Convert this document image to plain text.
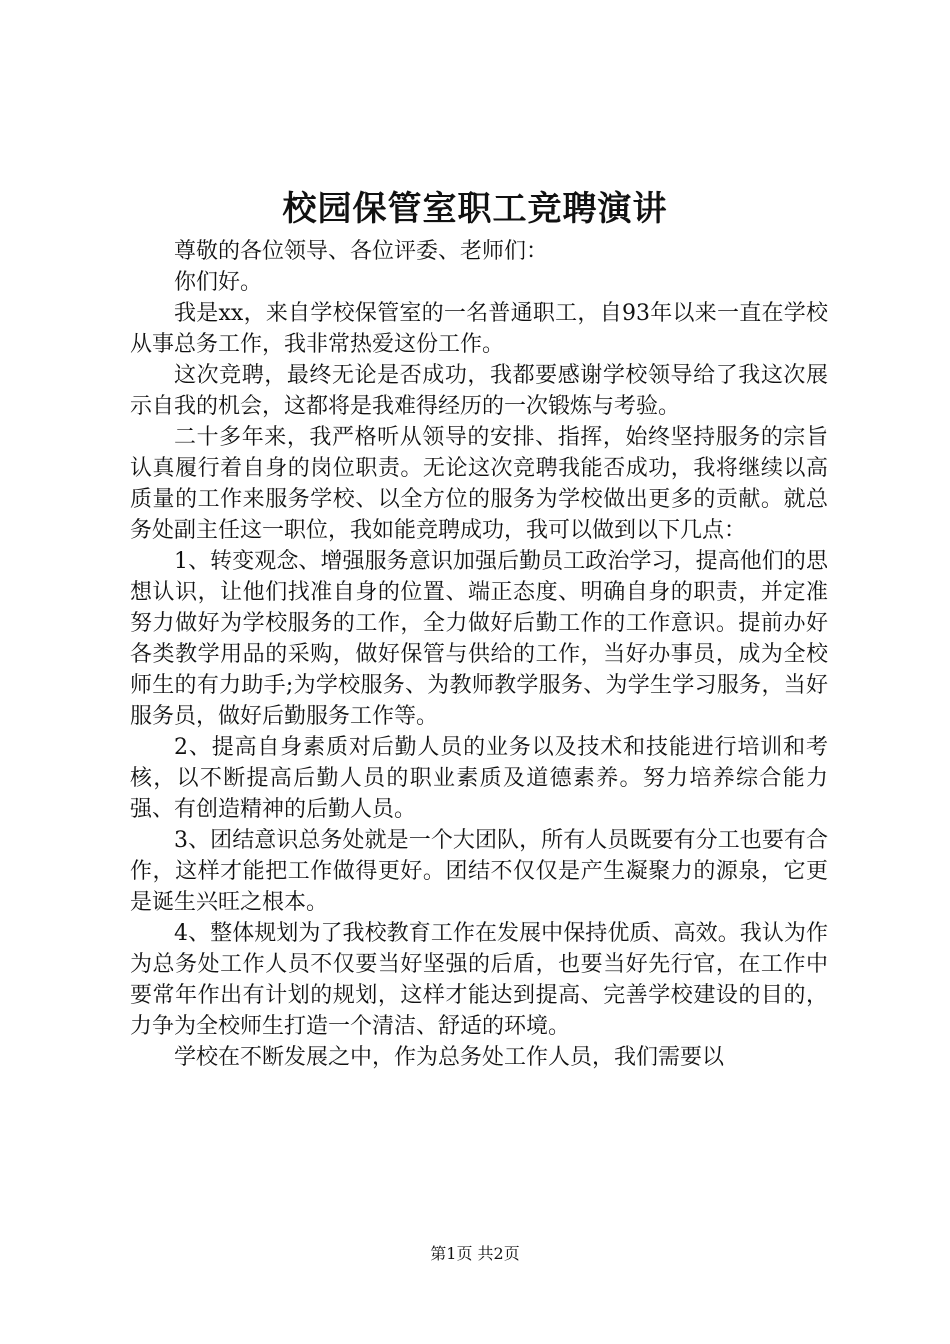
校园保管室职工竞聘演讲

尊敬的各位领导、各位评委、老师们：

你们好。

我是xx，来自学校保管室的一名普通职工，自93年以来一直在学校从事总务工作，我非常热爱这份工作。

这次竞聘，最终无论是否成功，我都要感谢学校领导给了我这次展示自我的机会，这都将是我难得经历的一次锻炼与考验。

二十多年来，我严格听从领导的安排、指挥，始终坚持服务的宗旨认真履行着自身的岗位职责。无论这次竞聘我能否成功，我将继续以高质量的工作来服务学校、以全方位的服务为学校做出更多的贡献。就总务处副主任这一职位，我如能竞聘成功，我可以做到以下几点：

1、转变观念、增强服务意识加强后勤员工政治学习，提高他们的思想认识，让他们找准自身的位置、端正态度、明确自身的职责，并定准努力做好为学校服务的工作，全力做好后勤工作的工作意识。提前办好各类教学用品的采购，做好保管与供给的工作，当好办事员，成为全校师生的有力助手;为学校服务、为教师教学服务、为学生学习服务，当好服务员，做好后勤服务工作等。

2、提高自身素质对后勤人员的业务以及技术和技能进行培训和考核，以不断提高后勤人员的职业素质及道德素养。努力培养综合能力强、有创造精神的后勤人员。

3、团结意识总务处就是一个大团队，所有人员既要有分工也要有合作，这样才能把工作做得更好。团结不仅仅是产生凝聚力的源泉，它更是诞生兴旺之根本。

4、整体规划为了我校教育工作在发展中保持优质、高效。我认为作为总务处工作人员不仅要当好坚强的后盾，也要当好先行官，在工作中要常年作出有计划的规划，这样才能达到提高、完善学校建设的目的，力争为全校师生打造一个清洁、舒适的环境。

学校在不断发展之中，作为总务处工作人员，我们需要以

第1页 共2页
